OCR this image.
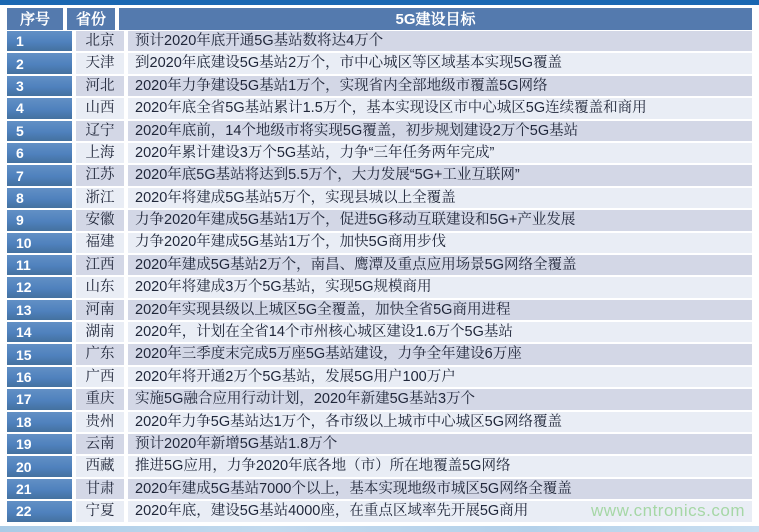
序号	省份	5G建设目标
1	北京	预计2020年底开通5G基站数将达4万个
2	天津	到2020年底建设5G基站2万个，市中心城区等区域基本实现5G覆盖
3	河北	2020年力争建设5G基站1万个，实现省内全部地级市覆盖5G网络
4	山西	2020年底全省5G基站累计1.5万个，基本实现设区市中心城区5G连续覆盖和商用
5	辽宁	2020年底前，14个地级市将实现5G覆盖，初步规划建设2万个5G基站
6	上海	2020年累计建设3万个5G基站，力争“三年任务两年完成”
7	江苏	2020年底5G基站将达到5.5万个，大力发展“5G+工业互联网”
8	浙江	2020年将建成5G基站5万个，实现县城以上全覆盖
9	安徽	力争2020年建成5G基站1万个，促进5G移动互联建设和5G+产业发展
10	福建	力争2020年建成5G基站1万个，加快5G商用步伐
11	江西	2020年建成5G基站2万个，南昌、鹰潭及重点应用场景5G网络全覆盖
12	山东	2020年将建成3万个5G基站，实现5G规模商用
13	河南	2020年实现县级以上城区5G全覆盖，加快全省5G商用进程
14	湖南	2020年，计划在全省14个市州核心城区建设1.6万个5G基站
15	广东	2020年三季度末完成5万座5G基站建设，力争全年建设6万座
16	广西	2020年将开通2万个5G基站，发展5G用户100万户
17	重庆	实施5G融合应用行动计划，2020年新建5G基站3万个
18	贵州	2020年力争5G基站达1万个，各市级以上城市中心城区5G网络覆盖
19	云南	预计2020年新增5G基站1.8万个
20	西藏	推进5G应用，力争2020年底各地（市）所在地覆盖5G网络
21	甘肃	2020年建成5G基站7000个以上，基本实现地级市城区5G网络全覆盖
22	宁夏	2020年底，建设5G基站4000座，在重点区域率先开展5G商用	www.cntronics.com
